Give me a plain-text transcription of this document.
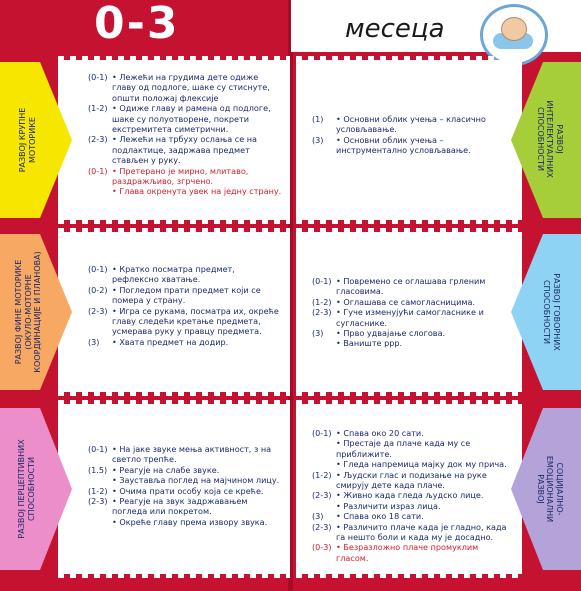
0-3	месеца
РАЗВОЈ КРУПНЕ
МОТОРИКЕ
РАЗВОЈ ФИНЕ МОТОРИКЕ
(ОКУЛО-МОТОРНЕ
КООРДИНАЦИЈЕ И ПЛАНОВА)
РАЗВОЈ ПЕРЦЕПТИВНИХ
СПОСОБНОСТИ
РАЗВОЈ
ИНТЕЛЕКТУАЛНИХ
СПОСОБНОСТИ
РАЗВОЈ ГОВОРНИХ
СПОСОБНОСТИ
СОЦИЈАЛНО-
ЕМОЦИОНАЛНИ
РАЗВОЈ
(0-1) • Лежећи на грудима дете одиже главу од подлоге, шаке су стиснуте, општи положај флексије
(1-2) • Одиже главу и рамена од подлоге, шаке су полуотворене, покрети екстремитета симетрични.
(2-3) • Лежећи на трбуху ослања се на подлактице, задржава предмет стављен у руку.
(0-1) • Претерано је мирно, млитаво, раздражљиво, згрчено.
• Глава окренута увек на једну страну.
(0-1) • Кратко посматра предмет, рефлексно хватање.
(0-2) • Погледом прати предмет који се помера у страну.
(2-3) • Игра се рукама, посматра их, окреће главу следећи кретање предмета, усмерава руку у правцу предмета.
(3)	• Хвата предмет на додир.
(0-1) • На јаке звуке мења активност, з на светло трепће.
(1.5) • Реагује на слабе звуке.
• Зауставља поглед на мајчином лицу.
(1-2) • Очима прати особу која се креће.
(2-3) • Реагује на звук задржавањем погледа или покретом.
• Окреће главу према извору звука.
(1)	• Основни облик учења – класично условљавање.
(3)	• Основни облик учења – инструментално условљавање.
(0-1) • Повремено се оглашава грленим гласовима.
(1-2) • Оглашава се самогласницима.
(2-3) • Гуче изменујући самогласнике и сугласнике.
(3)	• Прво удвајање слогова.
• Ваниште ррр.
(0-1) • Спава око 20 сати.
• Престаје да плаче када му се приближите.
• Гледа напремица мајку док му прича.
(1-2) • Људски глас и подизање на руке смирују дете када плаче.
(2-3) • Живно када гледа људско лице.
• Различити израз лица.
(3)	• Спава око 18 сати.
(2-3) • Различито плаче када је гладно, када га нешто боли и када му је досадно.
(0-3) • Безразложно плаче промуклим гласом.
